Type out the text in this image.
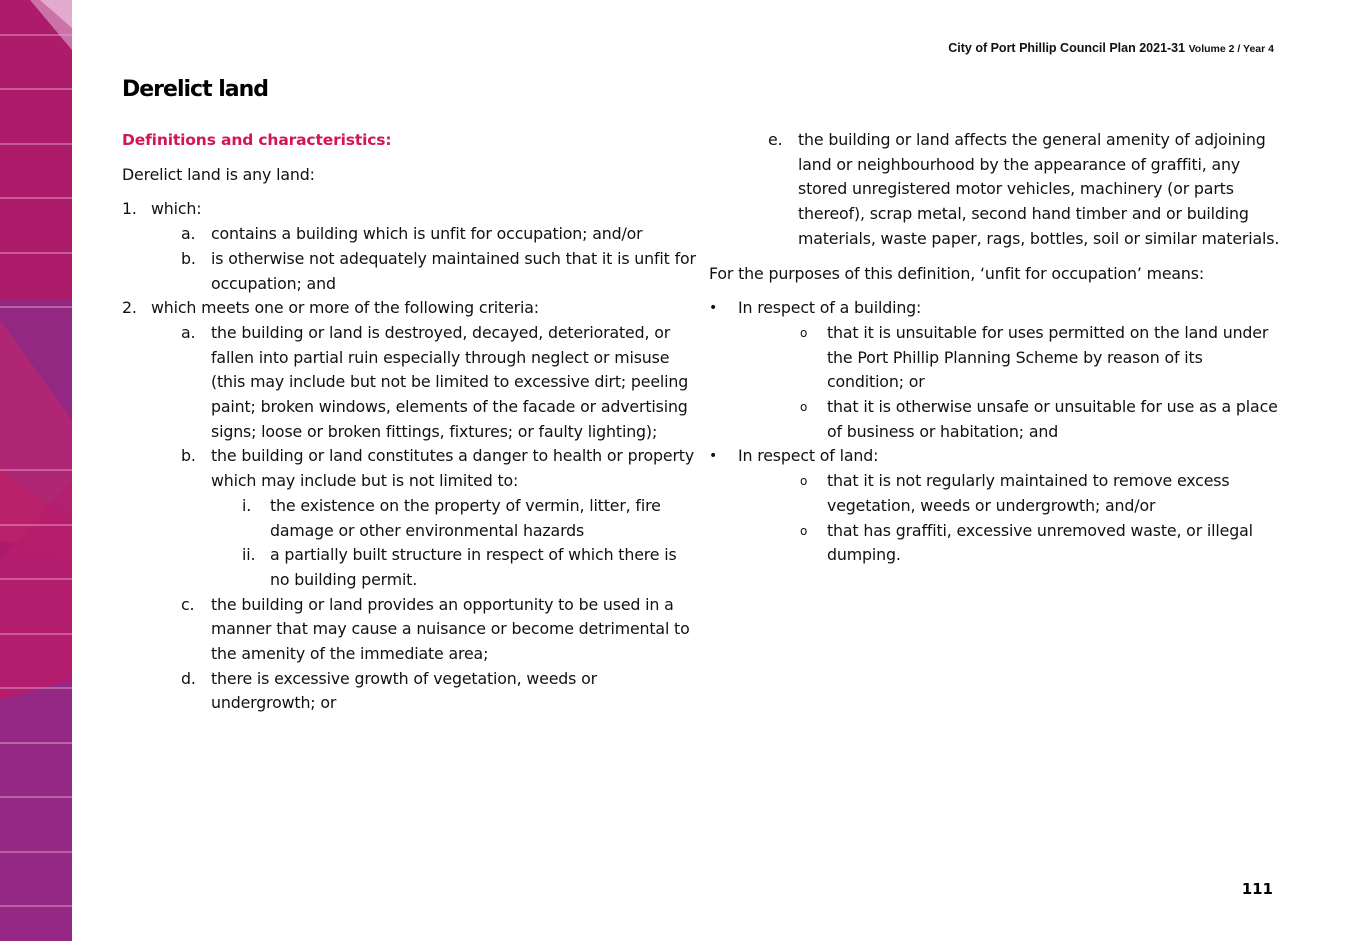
City of Port Phillip Council Plan 2021-31 Volume 2 / Year 4
Derelict land
Definitions and characteristics:
Derelict land is any land:
1. which:
a. contains a building which is unfit for occupation; and/or
b. is otherwise not adequately maintained such that it is unfit for occupation; and
2. which meets one or more of the following criteria:
a. the building or land is destroyed, decayed, deteriorated, or fallen into partial ruin especially through neglect or misuse (this may include but not be limited to excessive dirt; peeling paint; broken windows, elements of the facade or advertising signs; loose or broken fittings, fixtures; or faulty lighting);
b. the building or land constitutes a danger to health or property which may include but is not limited to:
i. the existence on the property of vermin, litter, fire damage or other environmental hazards
ii. a partially built structure in respect of which there is no building permit.
c. the building or land provides an opportunity to be used in a manner that may cause a nuisance or become detrimental to the amenity of the immediate area;
d. there is excessive growth of vegetation, weeds or undergrowth; or
e. the building or land affects the general amenity of adjoining land or neighbourhood by the appearance of graffiti, any stored unregistered motor vehicles, machinery (or parts thereof), scrap metal, second hand timber and or building materials, waste paper, rags, bottles, soil or similar materials.
For the purposes of this definition, ‘unfit for occupation’ means:
• In respect of a building:
o that it is unsuitable for uses permitted on the land under the Port Phillip Planning Scheme by reason of its condition; or
o that it is otherwise unsafe or unsuitable for use as a place of business or habitation; and
• In respect of land:
o that it is not regularly maintained to remove excess vegetation, weeds or undergrowth; and/or
o that has graffiti, excessive unremoved waste, or illegal dumping.
111
